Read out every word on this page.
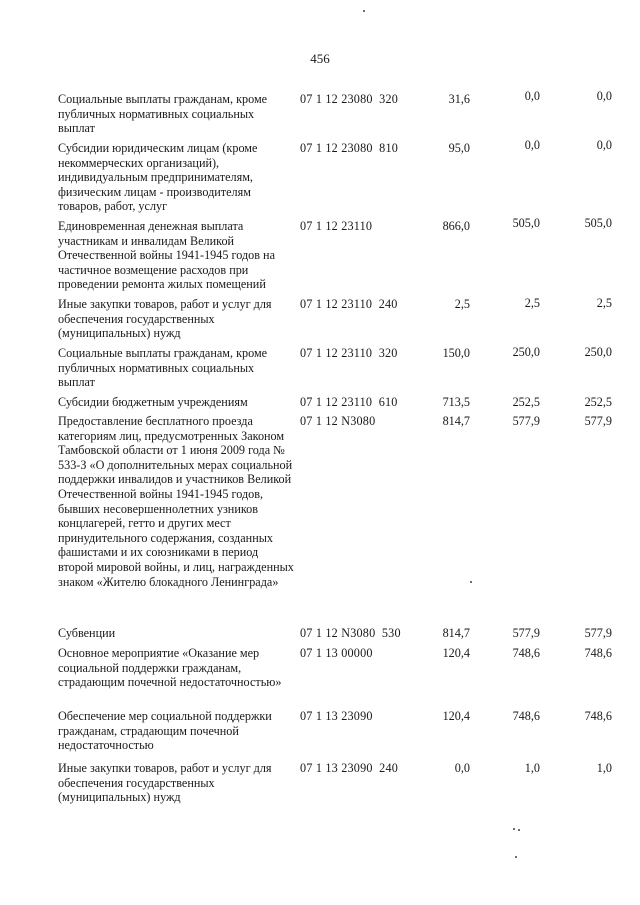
456
Социальные выплаты гражданам, кроме публичных нормативных социальных выплат
07 1 12 23080  320	31,6	0,0	0,0
Субсидии юридическим лицам (кроме некоммерческих организаций), индивидуальным предпринимателям, физическим лицам - производителям товаров, работ, услуг
07 1 12 23080  810	95,0	0,0	0,0
Единовременная денежная выплата участникам и инвалидам Великой Отечественной войны 1941-1945 годов на частичное возмещение расходов при проведении ремонта жилых помещений
07 1 12 23110	866,0	505,0	505,0
Иные закупки товаров, работ и услуг для обеспечения государственных (муниципальных) нужд
07 1 12 23110  240	2,5	2,5	2,5
Социальные выплаты гражданам, кроме публичных нормативных социальных выплат
07 1 12 23110  320	150,0	250,0	250,0
Субсидии бюджетным учреждениям	07 1 12 23110  610	713,5	252,5	252,5
Предоставление бесплатного проезда категориям лиц, предусмотренных Законом Тамбовской области от 1 июня 2009 года № 533-З «О дополнительных мерах социальной поддержки инвалидов и участников Великой Отечественной войны 1941-1945 годов, бывших несовершеннолетних узников концлагерей, гетто и других мест принудительного содержания, созданных фашистами и их союзниками в период второй мировой войны, и лиц, награжденных знаком «Жителю блокадного Ленинграда»
07 1 12 N3080	814,7	577,9	577,9
Субвенции	07 1 12 N3080  530	814,7	577,9	577,9
Основное мероприятие «Оказание мер социальной поддержки гражданам, страдающим почечной недостаточностью»
07 1 13 00000	120,4	748,6	748,6
Обеспечение мер социальной поддержки гражданам, страдающим почечной недостаточностью
07 1 13 23090	120,4	748,6	748,6
Иные закупки товаров, работ и услуг для обеспечения государственных (муниципальных) нужд
07 1 13 23090  240	0,0	1,0	1,0
